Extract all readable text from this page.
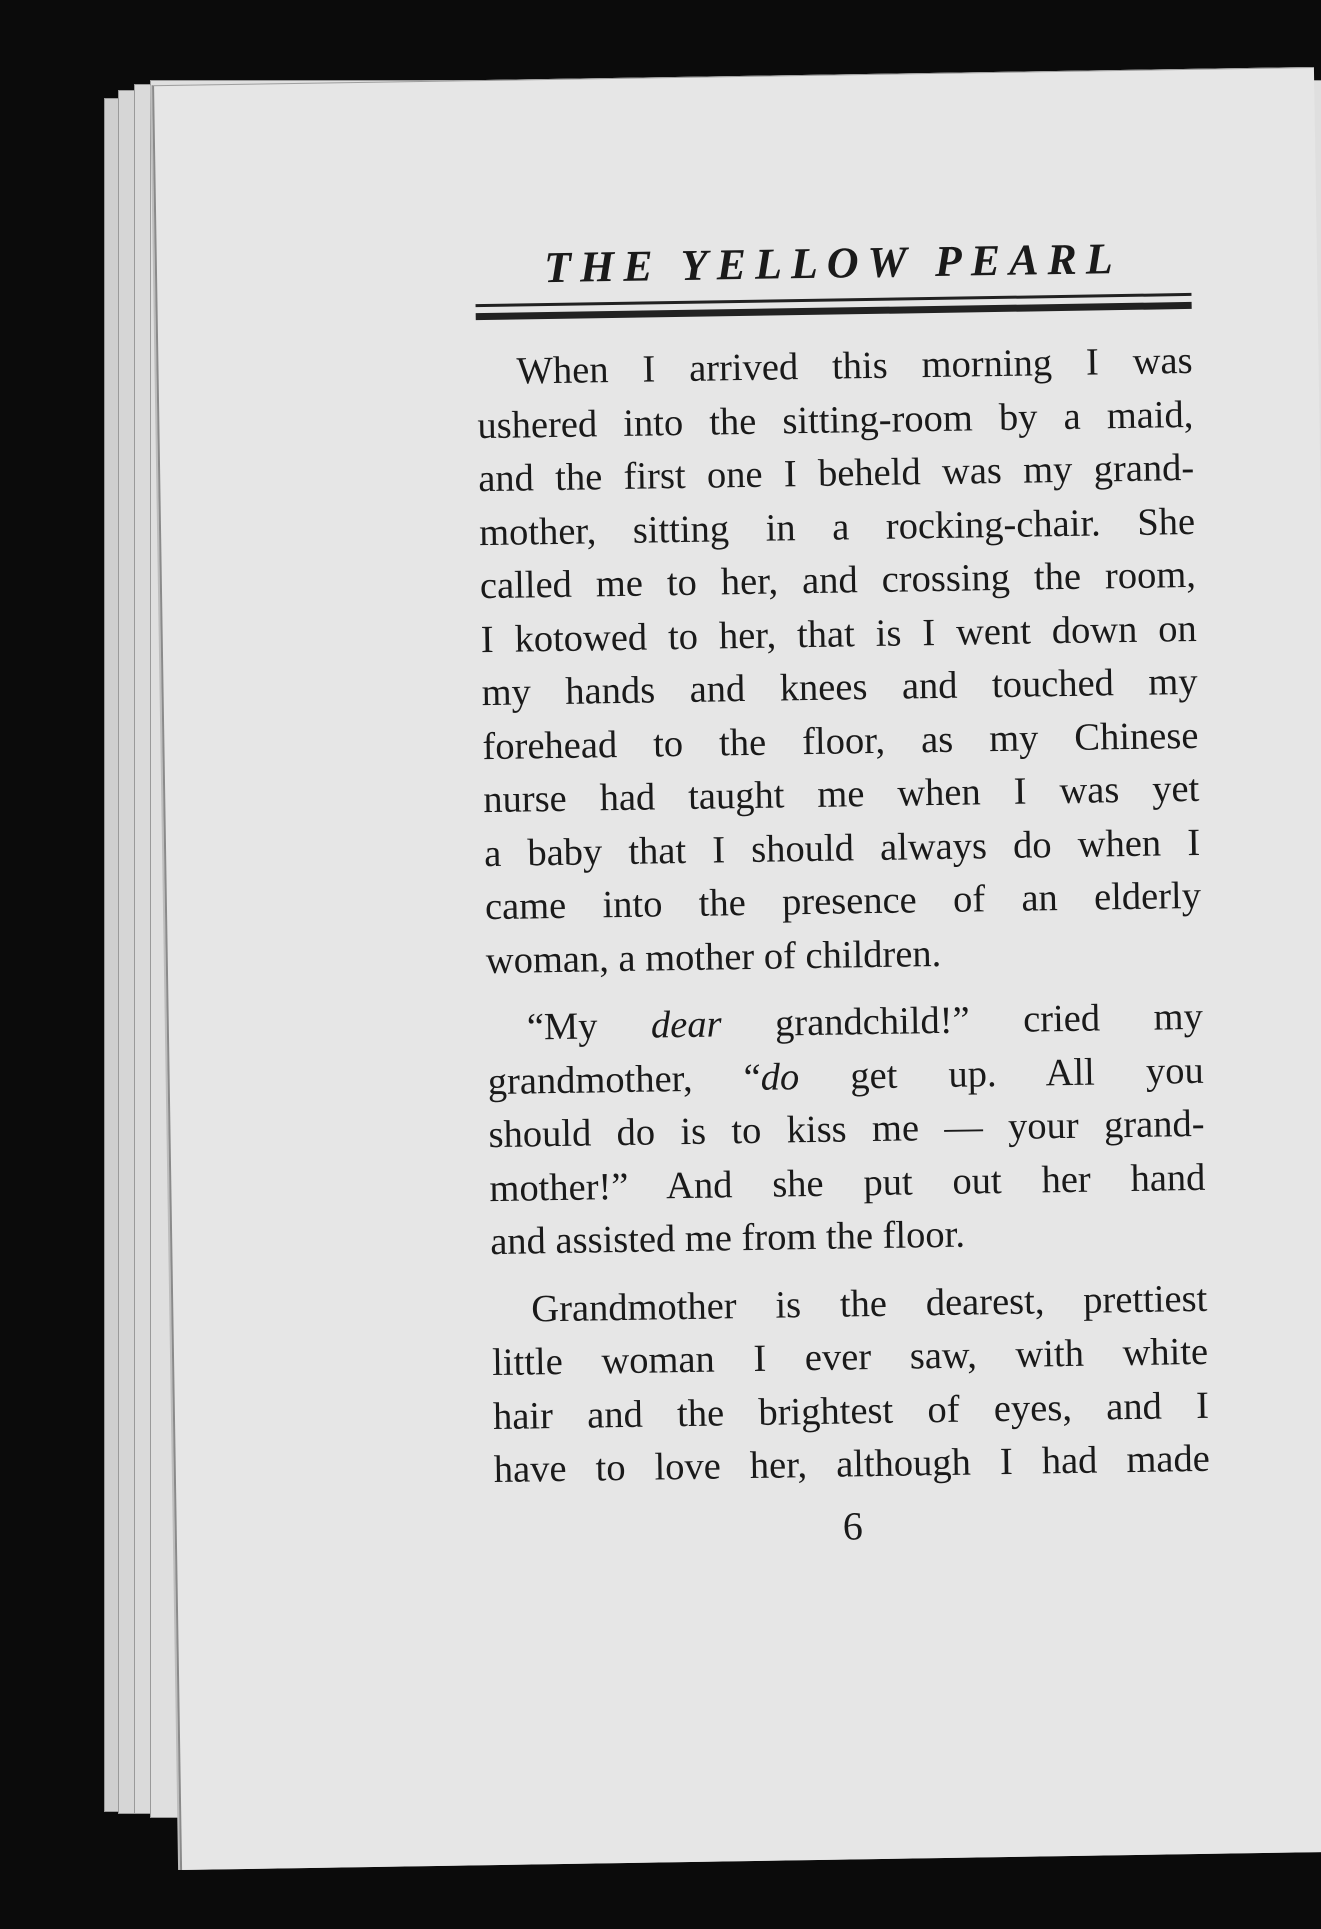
THE YELLOW PEARL
When I arrived this morning I was
ushered into the sitting-room by a maid,
and the first one I beheld was my grand-
mother, sitting in a rocking-chair. She
called me to her, and crossing the room,
I kotowed to her, that is I went down on
my hands and knees and touched my
forehead to the floor, as my Chinese
nurse had taught me when I was yet
a baby that I should always do when I
came into the presence of an elderly
woman, a mother of children.
“My dear grandchild!” cried my
grandmother, “do get up. All you
should do is to kiss me — your grand-
mother!” And she put out her hand
and assisted me from the floor.
Grandmother is the dearest, prettiest
little woman I ever saw, with white
hair and the brightest of eyes, and I
have to love her, although I had made
6
